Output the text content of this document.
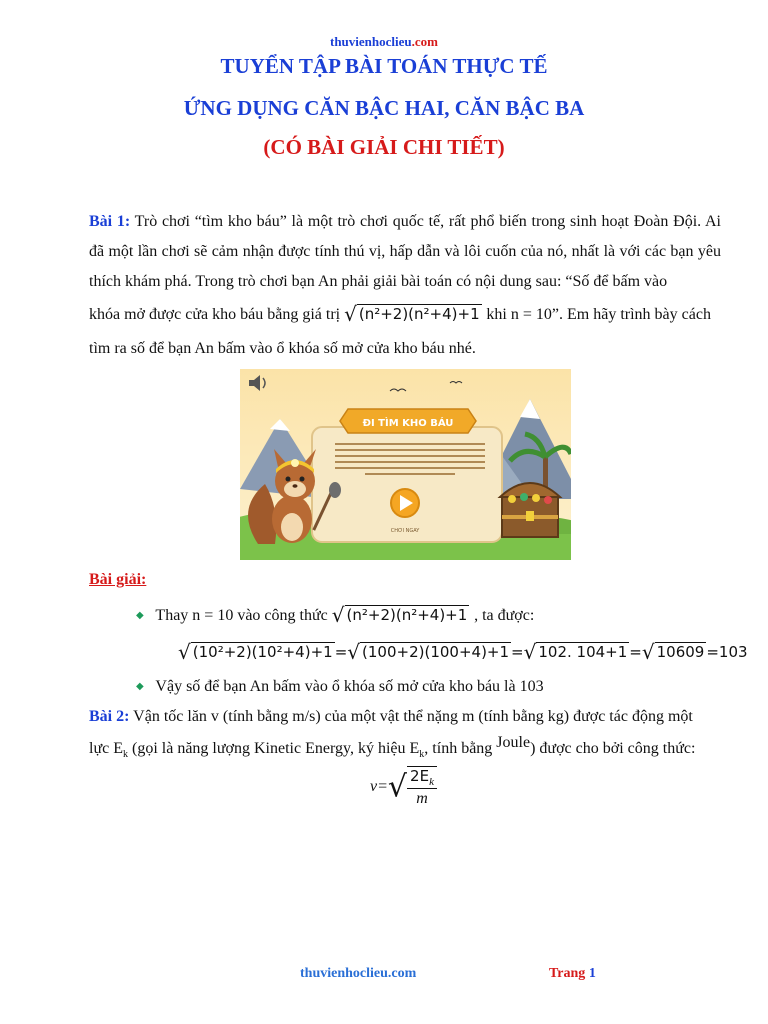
thuvienhoclieu.com
TUYỂN TẬP BÀI TOÁN THỰC TẾ
ỨNG DỤNG CĂN BẬC HAI, CĂN BẬC BA
(CÓ BÀI GIẢI CHI TIẾT)
Bài 1: Trò chơi “tìm kho báu” là một trò chơi quốc tế, rất phổ biến trong sinh hoạt Đoàn Đội. Ai đã một lần chơi sẽ cảm nhận được tính thú vị, hấp dẫn và lôi cuốn của nó, nhất là với các bạn yêu thích khám phá. Trong trò chơi bạn An phải giải bài toán có nội dung sau: “Số để bấm vào
khóa mở được cửa kho báu bằng giá trị √ (n²+2)(n²+4)+1 khi n = 10”. Em hãy trình bày cách
tìm ra số để bạn An bấm vào ổ khóa số mở cửa kho báu nhé.
ĐI TÌM KHO BÁU
CHƠI NGAY
Bài giải:
◆ Thay n = 10 vào công thức √ (n²+2)(n²+4)+1 , ta được:
√ (10²+2)(10²+4)+1 =√ (100+2)(100+4)+1 =√ 102. 104+1 =√ 10609 =103
◆ Vậy số để bạn An bấm vào ổ khóa số mở cửa kho báu là 103
Bài 2: Vận tốc lăn v (tính bằng m/s) của một vật thể nặng m (tính bằng kg) được tác động một
lực $E_k$ (gọi là năng lượng Kinetic Energy, ký hiệu $E_k$, tính bằng Joule) được cho bởi công thức:
$v=√ \frac{2E_k}{m}$
thuvienhoclieu.com	Trang 1
